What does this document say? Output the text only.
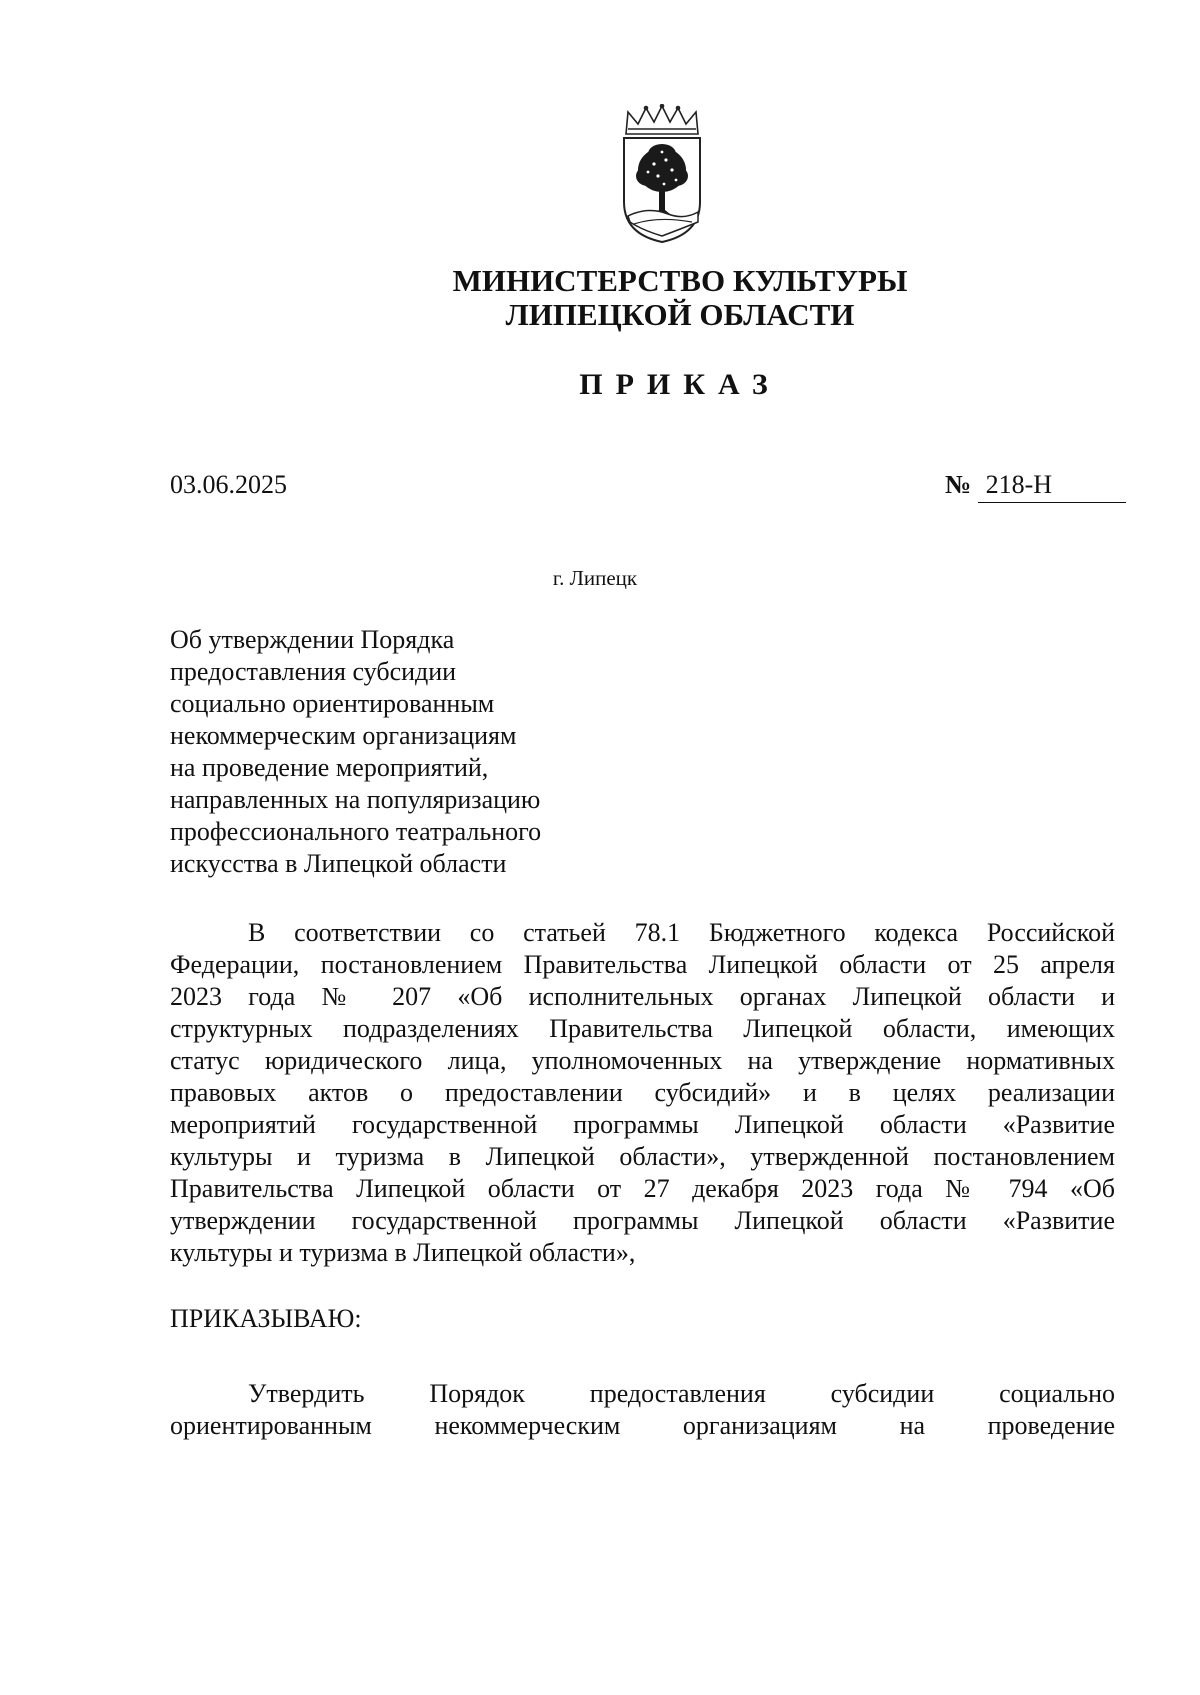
МИНИСТЕРСТВО КУЛЬТУРЫ
ЛИПЕЦКОЙ ОБЛАСТИ
ПРИКАЗ
03.06.2025	№ 218-Н
г. Липецк
Об утверждении Порядка
предоставления субсидии
социально ориентированным
некоммерческим организациям
на проведение мероприятий,
направленных на популяризацию
профессионального театрального
искусства в Липецкой области
В соответствии со статьей 78.1 Бюджетного кодекса Российской
Федерации, постановлением Правительства Липецкой области от 25 апреля
2023 года № 207 «Об исполнительных органах Липецкой области и
структурных подразделениях Правительства Липецкой области, имеющих
статус юридического лица, уполномоченных на утверждение нормативных
правовых актов о предоставлении субсидий» и в целях реализации
мероприятий государственной программы Липецкой области «Развитие
культуры и туризма в Липецкой области», утвержденной постановлением
Правительства Липецкой области от 27 декабря 2023 года № 794 «Об
утверждении государственной программы Липецкой области «Развитие
культуры и туризма в Липецкой области»,
ПРИКАЗЫВАЮ:
Утвердить Порядок предоставления субсидии социально
ориентированным некоммерческим организациям на проведение
